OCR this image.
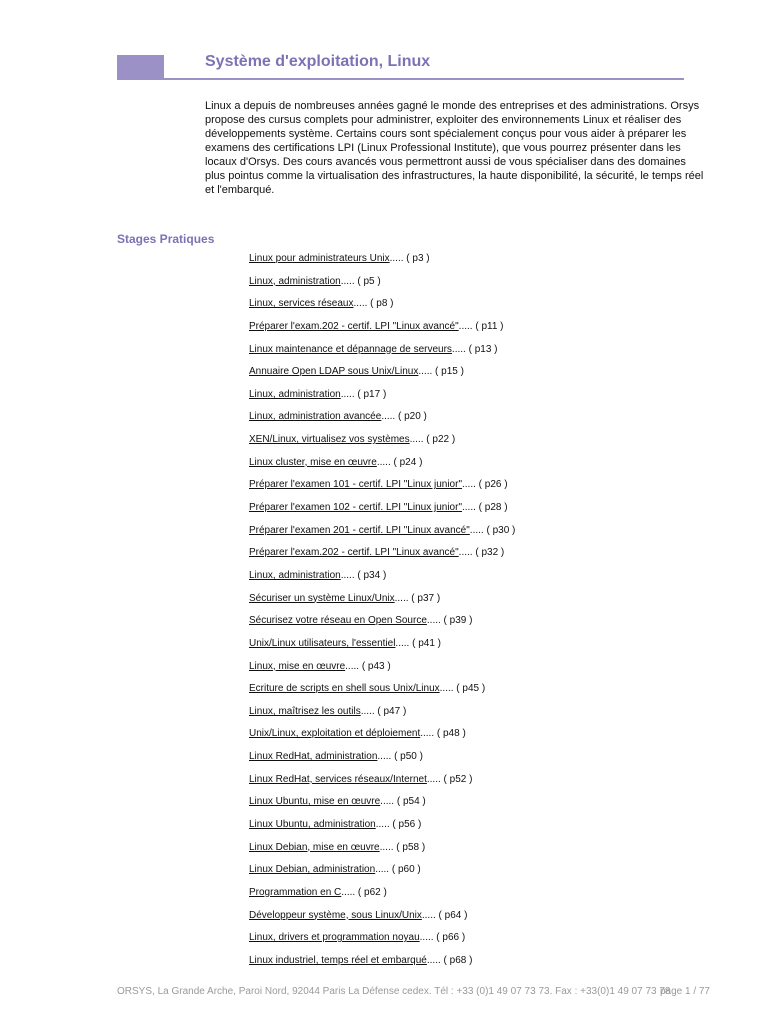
Système d'exploitation, Linux
Linux a depuis de nombreuses années gagné le monde des entreprises et des administrations. Orsys propose des cursus complets pour administrer, exploiter des environnements Linux et réaliser des développements système. Certains cours sont spécialement conçus pour vous aider à préparer les examens des certifications LPI (Linux Professional Institute), que vous pourrez présenter dans les locaux d'Orsys. Des cours avancés vous permettront aussi de vous spécialiser dans des domaines plus pointus comme la virtualisation des infrastructures, la haute disponibilité, la sécurité, le temps réel et l'embarqué.
Stages Pratiques
Linux pour administrateurs Unix..... ( p3 )
Linux, administration..... ( p5 )
Linux, services réseaux..... ( p8 )
Préparer l'exam.202 - certif. LPI "Linux avancé"..... ( p11 )
Linux maintenance et dépannage de serveurs..... ( p13 )
Annuaire Open LDAP sous Unix/Linux..... ( p15 )
Linux, administration..... ( p17 )
Linux, administration avancée..... ( p20 )
XEN/Linux, virtualisez vos systèmes..... ( p22 )
Linux cluster, mise en œuvre..... ( p24 )
Préparer l'examen 101 - certif. LPI "Linux junior"..... ( p26 )
Préparer l'examen 102 - certif. LPI "Linux junior"..... ( p28 )
Préparer l'examen 201 - certif. LPI "Linux avancé"..... ( p30 )
Préparer l'exam.202 - certif. LPI "Linux avancé"..... ( p32 )
Linux, administration..... ( p34 )
Sécuriser un système Linux/Unix..... ( p37 )
Sécurisez votre réseau en Open Source..... ( p39 )
Unix/Linux utilisateurs, l'essentiel..... ( p41 )
Linux, mise en œuvre..... ( p43 )
Ecriture de scripts en shell sous Unix/Linux..... ( p45 )
Linux, maîtrisez les outils..... ( p47 )
Unix/Linux, exploitation et déploiement..... ( p48 )
Linux RedHat, administration..... ( p50 )
Linux RedHat, services réseaux/Internet..... ( p52 )
Linux Ubuntu, mise en œuvre..... ( p54 )
Linux Ubuntu, administration..... ( p56 )
Linux Debian, mise en œuvre..... ( p58 )
Linux Debian, administration..... ( p60 )
Programmation en C..... ( p62 )
Développeur système, sous Linux/Unix..... ( p64 )
Linux, drivers et programmation noyau..... ( p66 )
Linux industriel, temps réel et embarqué..... ( p68 )
ORSYS, La Grande Arche, Paroi Nord, 92044 Paris La Défense cedex. Tél : +33 (0)1 49 07 73 73. Fax : +33(0)1 49 07 73 78
page 1 / 77
